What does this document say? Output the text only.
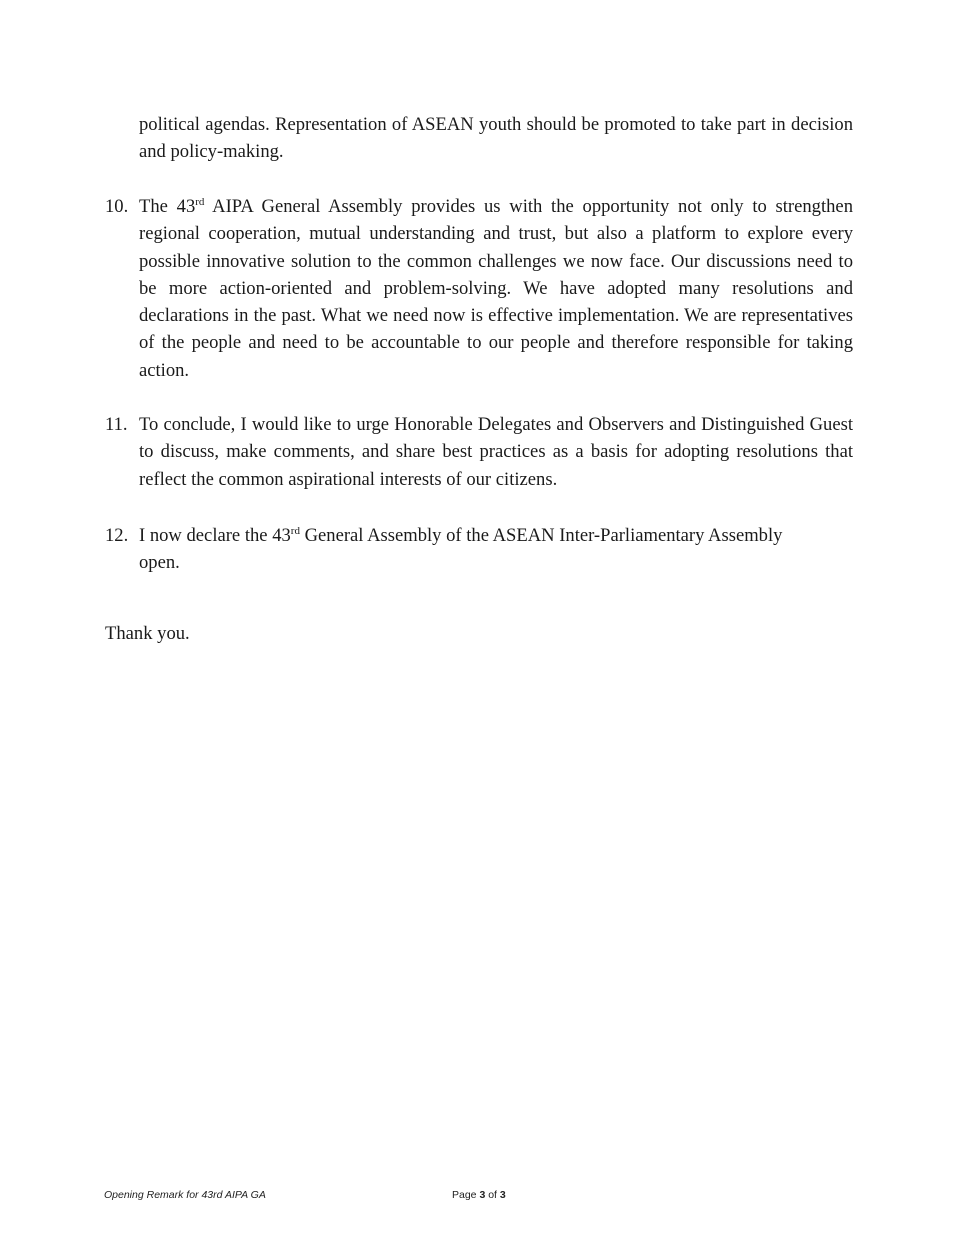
political agendas. Representation of ASEAN youth should be promoted to take part in decision and policy-making.

10. The 43rd AIPA General Assembly provides us with the opportunity not only to strengthen regional cooperation, mutual understanding and trust, but also a platform to explore every possible innovative solution to the common challenges we now face. Our discussions need to be more action-oriented and problem-solving. We have adopted many resolutions and declarations in the past. What we need now is effective implementation. We are representatives of the people and need to be accountable to our people and therefore responsible for taking action.

11. To conclude, I would like to urge Honorable Delegates and Observers and Distinguished Guest to discuss, make comments, and share best practices as a basis for adopting resolutions that reflect the common aspirational interests of our citizens.

12. I now declare the 43rd General Assembly of the ASEAN Inter-Parliamentary Assembly open.

Thank you.

Opening Remark for 43rd AIPA GA	Page 3 of 3
